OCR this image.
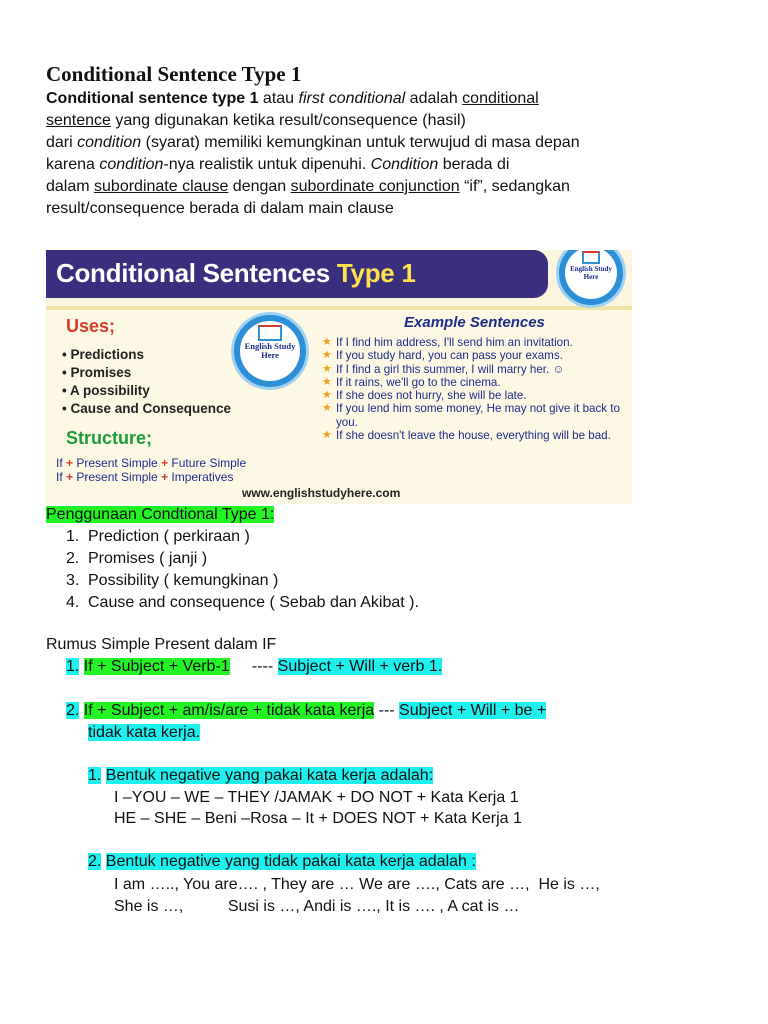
Conditional Sentence Type 1
Conditional sentence type 1 atau first conditional adalah conditional
sentence yang digunakan ketika result/consequence (hasil)
dari condition (syarat) memiliki kemungkinan untuk terwujud di masa depan
karena condition-nya realistik untuk dipenuhi. Condition berada di
dalam subordinate clause dengan subordinate conjunction “if”, sedangkan
result/consequence berada di dalam main clause
Conditional Sentences Type 1
Uses;
• Predictions
• Promises
• A possibility
• Cause and Consequence
Structure;
If + Present Simple + Future Simple
If + Present Simple + Imperatives
www.englishstudyhere.com
English Study Here
English Study Here
Example Sentences
★ If I find him address, I'll send him an invitation.
★ If you study hard, you can pass your exams.
★ If I find a girl this summer, I will marry her. ☺
★ If it rains, we'll go to the cinema.
★ If she does not hurry, she will be late.
★ If you lend him some money, He may not give it back to you.
★ If she doesn't leave the house, everything will be bad.
Penggunaan Condtional Type 1:
1. Prediction ( perkiraan )
2. Promises ( janji )
3. Possibility ( kemungkinan )
4. Cause and consequence ( Sebab dan Akibat ).
Rumus Simple Present dalam IF
1. If + Subject + Verb-1     ---- Subject + Will + verb 1.
2. If + Subject + am/is/are + tidak kata kerja --- Subject + Will + be +
tidak kata kerja.
1. Bentuk negative yang pakai kata kerja adalah:
I –YOU – WE – THEY /JAMAK + DO NOT + Kata Kerja 1
HE – SHE – Beni –Rosa – It + DOES NOT + Kata Kerja 1
2. Bentuk negative yang tidak pakai kata kerja adalah :
I am ….., You are…. , They are … We are …., Cats are …,  He is …,
She is …,          Susi is …, Andi is …., It is …. , A cat is …
